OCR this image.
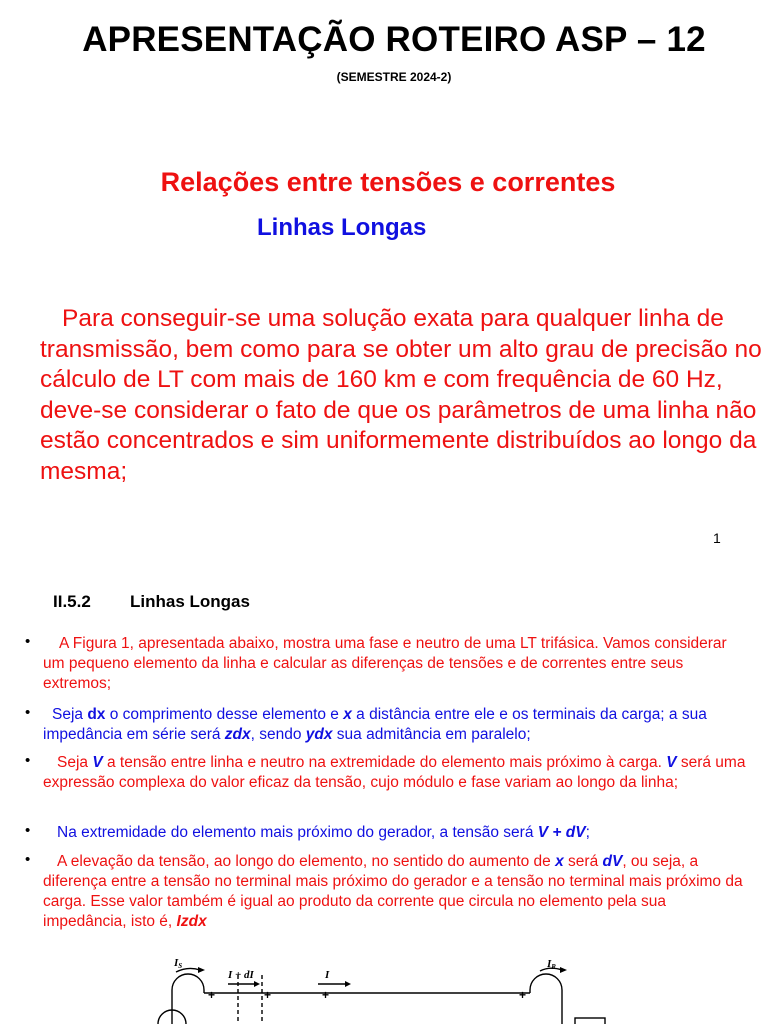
APRESENTAÇÃO ROTEIRO ASP – 12
(SEMESTRE 2024-2)
Relações entre tensões e correntes
Linhas Longas
Para conseguir-se uma solução exata para qualquer linha de transmissão, bem como para se obter um alto grau de precisão no cálculo de LT com mais de 160 km e com frequência de 60 Hz, deve-se considerar o fato de que os parâmetros de uma linha não estão concentrados e sim uniformemente distribuídos ao longo da mesma;
1
II.5.2 Linhas Longas
•	A Figura 1, apresentada abaixo, mostra uma fase e neutro de uma LT trifásica. Vamos considerar um pequeno elemento da linha e calcular as diferenças de tensões e de correntes entre seus extremos;
•	Seja dx o comprimento desse elemento e x a distância entre ele e os terminais da carga; a sua impedância em série será zdx, sendo ydx sua admitância em paralelo;
•	Seja V a tensão entre linha e neutro na extremidade do elemento mais próximo à carga. V será uma expressão complexa do valor eficaz da tensão, cujo módulo e fase variam ao longo da linha;
•	Na extremidade do elemento mais próximo do gerador, a tensão será V + dV;
•	A elevação da tensão, ao longo do elemento, no sentido do aumento de x será dV, ou seja, a diferença entre a tensão no terminal mais próximo do gerador e a tensão no terminal mais próximo da carga. Esse valor também é igual ao produto da corrente que circula no elemento pela sua impedância, isto é, Izdx
IS
I + dI	I
IR
+	+	+	+
